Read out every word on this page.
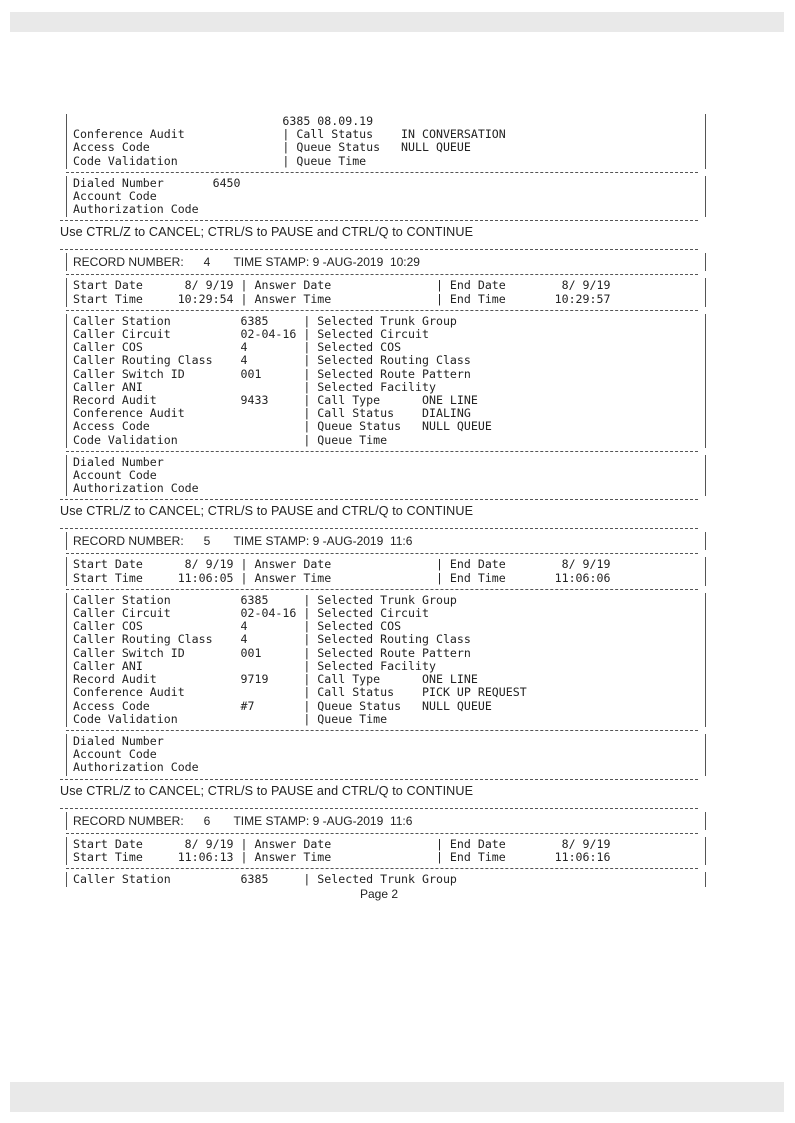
6385 08.09.19
Conference Audit              | Call Status    IN CONVERSATION
Access Code                   | Queue Status   NULL QUEUE
Code Validation               | Queue Time
Dialed Number       6450
Account Code
Authorization Code
Use CTRL/Z to CANCEL; CTRL/S to PAUSE and CTRL/Q to CONTINUE
RECORD NUMBER:      4       TIME STAMP: 9 -AUG-2019  10:29
Start Date      8/ 9/19 | Answer Date               | End Date        8/ 9/19
Start Time     10:29:54 | Answer Time               | End Time       10:29:57
Caller Station          6385     | Selected Trunk Group
Caller Circuit          02-04-16 | Selected Circuit
Caller COS              4        | Selected COS
Caller Routing Class    4        | Selected Routing Class
Caller Switch ID        001      | Selected Route Pattern
Caller ANI                       | Selected Facility
Record Audit            9433     | Call Type      ONE LINE
Conference Audit                 | Call Status    DIALING
Access Code                      | Queue Status   NULL QUEUE
Code Validation                  | Queue Time
Dialed Number
Account Code
Authorization Code
Use CTRL/Z to CANCEL; CTRL/S to PAUSE and CTRL/Q to CONTINUE
RECORD NUMBER:      5       TIME STAMP: 9 -AUG-2019  11:6
Start Date      8/ 9/19 | Answer Date               | End Date        8/ 9/19
Start Time     11:06:05 | Answer Time               | End Time       11:06:06
Caller Station          6385     | Selected Trunk Group
Caller Circuit          02-04-16 | Selected Circuit
Caller COS              4        | Selected COS
Caller Routing Class    4        | Selected Routing Class
Caller Switch ID        001      | Selected Route Pattern
Caller ANI                       | Selected Facility
Record Audit            9719     | Call Type      ONE LINE
Conference Audit                 | Call Status    PICK UP REQUEST
Access Code             #7       | Queue Status   NULL QUEUE
Code Validation                  | Queue Time
Dialed Number
Account Code
Authorization Code
Use CTRL/Z to CANCEL; CTRL/S to PAUSE and CTRL/Q to CONTINUE
RECORD NUMBER:      6       TIME STAMP: 9 -AUG-2019  11:6
Start Date      8/ 9/19 | Answer Date               | End Date        8/ 9/19
Start Time     11:06:13 | Answer Time               | End Time       11:06:16
Caller Station          6385     | Selected Trunk Group
Page 2
